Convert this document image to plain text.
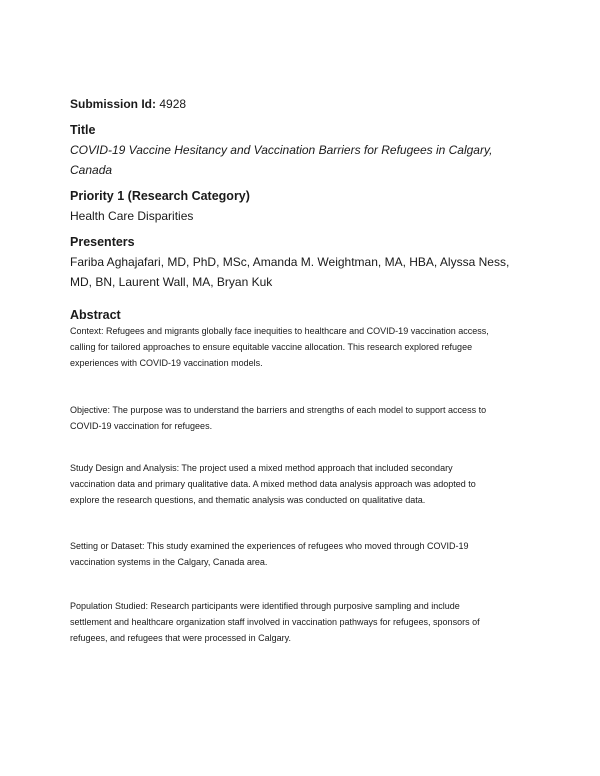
Submission Id: 4928

Title

COVID-19 Vaccine Hesitancy and Vaccination Barriers for Refugees in Calgary,

Canada

Priority 1 (Research Category)

Health Care Disparities

Presenters

Fariba Aghajafari, MD, PhD, MSc, Amanda M. Weightman, MA, HBA, Alyssa Ness,

MD, BN, Laurent Wall, MA, Bryan Kuk

Abstract

Context: Refugees and migrants globally face inequities to healthcare and COVID-19 vaccination access,

calling for tailored approaches to ensure equitable vaccine allocation. This research explored refugee

experiences with COVID-19 vaccination models.

Objective: The purpose was to understand the barriers and strengths of each model to support access to

COVID-19 vaccination for refugees.

Study Design and Analysis: The project used a mixed method approach that included secondary

vaccination data and primary qualitative data. A mixed method data analysis approach was adopted to

explore the research questions, and thematic analysis was conducted on qualitative data.

Setting or Dataset: This study examined the experiences of refugees who moved through COVID-19

vaccination systems in the Calgary, Canada area.

Population Studied: Research participants were identified through purposive sampling and include

settlement and healthcare organization staff involved in vaccination pathways for refugees, sponsors of

refugees, and refugees that were processed in Calgary.
